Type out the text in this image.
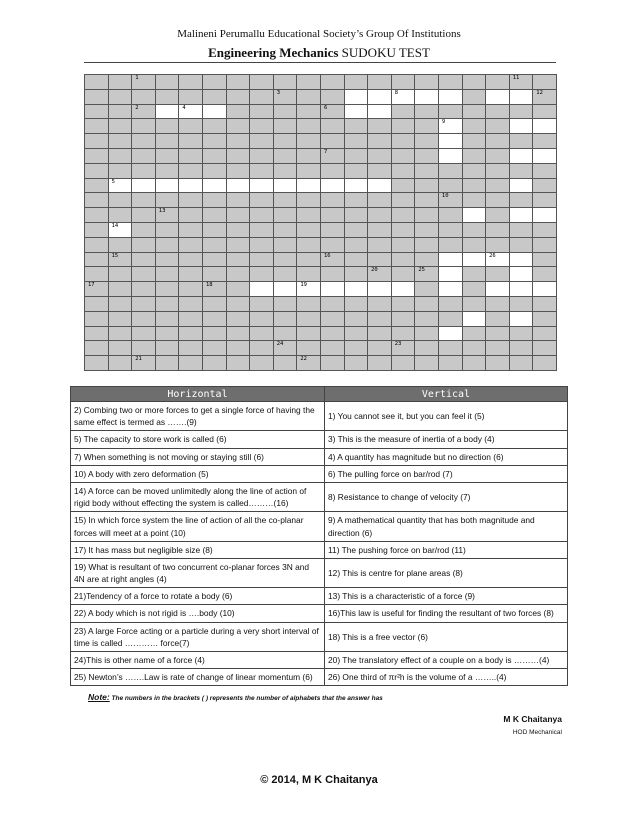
Malineni Perumallu Educational Society’s Group Of Institutions
Engineering Mechanics SUDOKU TEST

		1																11	

								3					8						12

		2		4						6									

															9				

										7									

	5																		

															10				

			13																

	14																		

	15									16							26		

												20		25					

17					18				19										

								24					23						

		21							22										

Horizontal	Vertical
2) Combing two or more forces to get a single force of having the same effect is termed as …….(9)	1) You cannot see it, but you can feel it (5)
5) The capacity to store work is called (6)	3) This is the measure of inertia of a body (4)
7) When something is not moving or staying still (6)	4) A quantity has magnitude but no direction (6)
10) A body with zero deformation (5)	6) The pulling force on bar/rod (7)
14) A force can be moved unlimitedly along the line of action of rigid body without effecting the system is called………(16)	8) Resistance to change of velocity (7)
15) In which force system the line of action of all the co-planar forces will meet at a point (10)	9) A mathematical quantity that has both magnitude and direction (6)
17) It has mass but negligible size (8)	11) The pushing force on bar/rod (11)
19) What is resultant of two concurrent co-planar forces 3N and 4N are at right angles (4)	12) This is centre for plane areas (8)
21)Tendency of a force to rotate a body (6)	13) This is a characteristic of a force (9)
22) A body which is not rigid is ….body (10)	16)This law is useful for finding the resultant of two forces (8)
23) A large Force acting or a particle during a very short interval of time is called ………… force(7)	18) This is a free vector (6)
24)This is other name of a force (4)	20) The translatory effect of a couple on a body is ………(4)
25) Newton’s …….Law is rate of change of linear momentum (6)	26) One third of πr²h is the volume of a ……..(4)
Note: The numbers in the brackets ( ) represents the number of alphabets that the answer has
M K Chaitanya
HOD Mechanical
© 2014, M K Chaitanya
